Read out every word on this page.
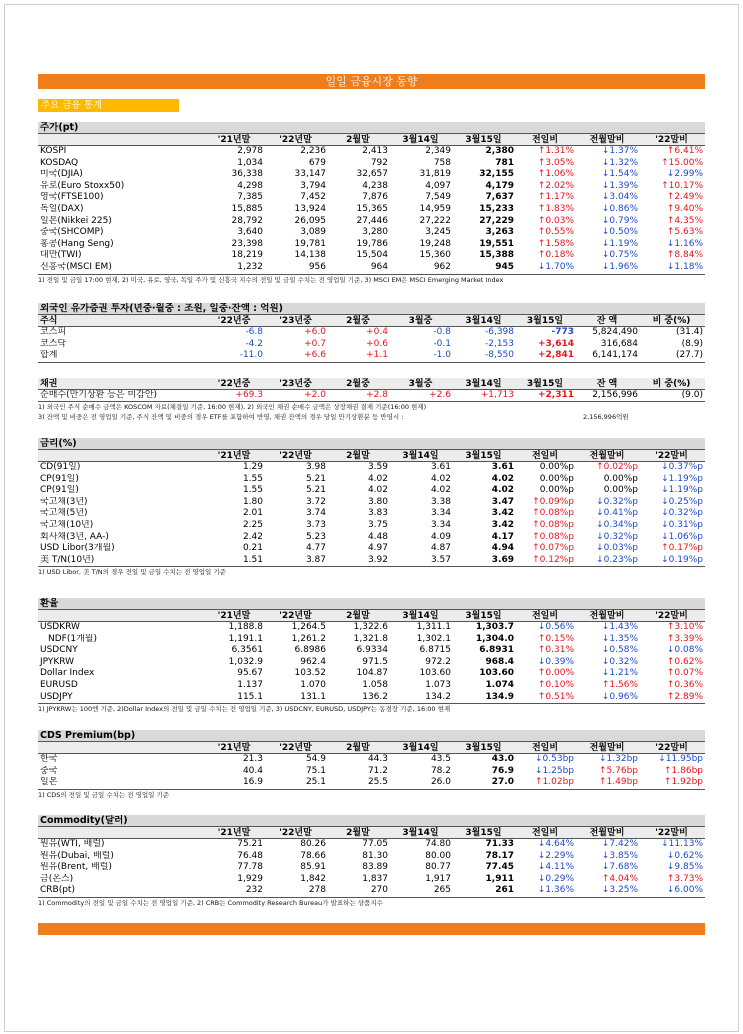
일일 금융시장 동향
주요 금융 통계
주가(pt)
'21년말	'22년말	2월말	3월14일	3월15일	전일비	전월말비	'22말비
KOSPI	2,978	2,236	2,413	2,349	2,380	↑1.31%	↓1.37%	↑6.41%
KOSDAQ	1,034	679	792	758	781	↑3.05%	↓1.32%	↑15.00%
미국(DJIA)	36,338	33,147	32,657	31,819	32,155	↑1.06%	↓1.54%	↓2.99%
유로(Euro Stoxx50)	4,298	3,794	4,238	4,097	4,179	↑2.02%	↓1.39%	↑10.17%
영국(FTSE100)	7,385	7,452	7,876	7,549	7,637	↑1.17%	↓3.04%	↑2.49%
독일(DAX)	15,885	13,924	15,365	14,959	15,233	↑1.83%	↓0.86%	↑9.40%
일본(Nikkei 225)	28,792	26,095	27,446	27,222	27,229	↑0.03%	↓0.79%	↑4.35%
중국(SHCOMP)	3,640	3,089	3,280	3,245	3,263	↑0.55%	↓0.50%	↑5.63%
홍콩(Hang Seng)	23,398	19,781	19,786	19,248	19,551	↑1.58%	↓1.19%	↓1.16%
대만(TWI)	18,219	14,138	15,504	15,360	15,388	↑0.18%	↓0.75%	↑8.84%
신흥국(MSCI EM)	1,232	956	964	962	945	↓1.70%	↓1.96%	↓1.18%
1) 전일 및 금일 17:00 현재, 2) 미국, 유로, 영국, 독일 주가 및 신흥국 지수의 전일 및 금일 수치는 전 영업일 기준, 3) MSCI EM은 MSCI Emerging Market Index
외국인 유가증권 투자(년중·월중 : 조원, 일중·잔액 : 억원)
주식	'22년중	'23년중	2월중	3월중	3월14일	3월15일	잔 액	비 중(%)
코스피	-6.8	+6.0	+0.4	-0.8	-6,398	-773	5,824,490	(31.4)
코스닥	-4.2	+0.7	+0.6	-0.1	-2,153	+3,614	316,684	(8.9)
합계	-11.0	+6.6	+1.1	-1.0	-8,550	+2,841	6,141,174	(27.7)
채권	'22년중	'23년중	2월중	3월중	3월14일	3월15일	잔 액	비 중(%)
순매수(만기상환 등은 미감안)	+69.3	+2.0	+2.8	+2.6	+1,713	+2,311	2,156,996	(9.0)
1) 외국인 주식 순매수 금액은 KOSCOM 자료(체결일 기준, 16:00 현재), 2) 외국인 채권 순매수 금액은 상장채권 결제 기준(16:00 현재)
3) 잔액 및 비중은 전 영업일 기준, 주식 잔액 및 비중의 경우 ETF를 포함하여 반영, 채권 잔액의 경우 당일 만기상환분 등 반영시 :	2,156,996억원
금리(%)
'21년말	'22년말	2월말	3월14일	3월15일	전일비	전월말비	'22말비
CD(91일)	1.29	3.98	3.59	3.61	3.61	0.00%p	↑0.02%p	↓0.37%p
CP(91일)	1.55	5.21	4.02	4.02	4.02	0.00%p	0.00%p	↓1.19%p
CP(91일)	1.55	5.21	4.02	4.02	4.02	0.00%p	0.00%p	↓1.19%p
국고채(3년)	1.80	3.72	3.80	3.38	3.47	↑0.09%p	↓0.32%p	↓0.25%p
국고채(5년)	2.01	3.74	3.83	3.34	3.42	↑0.08%p	↓0.41%p	↓0.32%p
국고채(10년)	2.25	3.73	3.75	3.34	3.42	↑0.08%p	↓0.34%p	↓0.31%p
회사채(3년, AA-)	2.42	5.23	4.48	4.09	4.17	↑0.08%p	↓0.32%p	↓1.06%p
USD Libor(3개월)	0.21	4.77	4.97	4.87	4.94	↑0.07%p	↓0.03%p	↑0.17%p
美 T/N(10년)	1.51	3.87	3.92	3.57	3.69	↑0.12%p	↓0.23%p	↓0.19%p
1) USD Libor, 美 T/N의 경우 전일 및 금일 수치는 전 영업일 기준
환율
'21년말	'22년말	2월말	3월14일	3월15일	전일비	전월말비	'22말비
USDKRW	1,188.8	1,264.5	1,322.6	1,311.1	1,303.7	↓0.56%	↓1.43%	↑3.10%
NDF(1개월)	1,191.1	1,261.2	1,321.8	1,302.1	1,304.0	↑0.15%	↓1.35%	↑3.39%
USDCNY	6.3561	6.8986	6.9334	6.8715	6.8931	↑0.31%	↓0.58%	↓0.08%
JPYKRW	1,032.9	962.4	971.5	972.2	968.4	↓0.39%	↓0.32%	↑0.62%
Dollar Index	95.67	103.52	104.87	103.60	103.60	↑0.00%	↓1.21%	↑0.07%
EURUSD	1.137	1.070	1.058	1.073	1.074	↑0.10%	↑1.56%	↑0.36%
USDJPY	115.1	131.1	136.2	134.2	134.9	↑0.51%	↓0.96%	↑2.89%
1) JPYKRW는 100엔 기준, 2)Dollar Index의 전일 및 금일 수치는 전 영업일 기준, 3) USDCNY, EURUSD, USDJPY는 동경장 기준, 16:00 현재
CDS Premium(bp)
'21년말	'22년말	2월말	3월14일	3월15일	전일비	전월말비	'22말비
한국	21.3	54.9	44.3	43.5	43.0	↓0.53bp	↓1.32bp	↓11.95bp
중국	40.4	75.1	71.2	78.2	76.9	↓1.25bp	↑5.76bp	↑1.86bp
일본	16.9	25.1	25.5	26.0	27.0	↑1.02bp	↑1.49bp	↑1.92bp
1) CDS의 전일 및 금일 수치는 전 영업일 기준
Commodity(달러)
'21년말	'22년말	2월말	3월14일	3월15일	전일비	전월말비	'22말비
원유(WTI, 배럴)	75.21	80.26	77.05	74.80	71.33	↓4.64%	↓7.42%	↓11.13%
원유(Dubai, 배럴)	76.48	78.66	81.30	80.00	78.17	↓2.29%	↓3.85%	↓0.62%
원유(Brent, 배럴)	77.78	85.91	83.89	80.77	77.45	↓4.11%	↓7.68%	↓9.85%
금(온스)	1,929	1,842	1,837	1,917	1,911	↓0.29%	↑4.04%	↑3.73%
CRB(pt)	232	278	270	265	261	↓1.36%	↓3.25%	↓6.00%
1) Commodity의 전일 및 금일 수치는 전 영업일 기준, 2) CRB는 Commodity Research Bureau가 발표하는 상품지수
